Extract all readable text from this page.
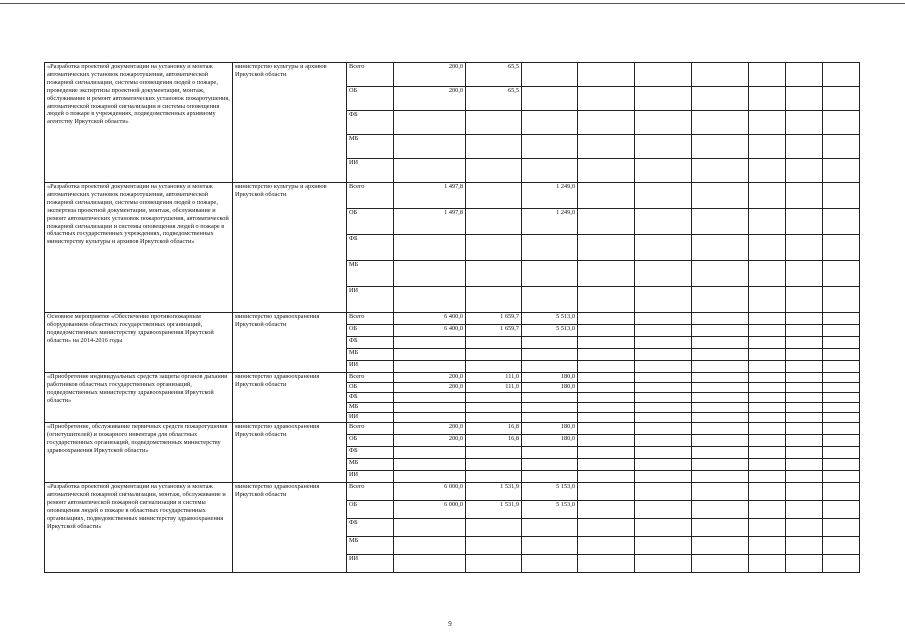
«Разработка проектной документации на установку и монтаж автоматических установок пожаротушения, автоматической пожарной сигнализации, системы оповещения людей о пожаре, проведение экспертизы проектной документации, монтаж, обслуживание и ремонт автоматических установок пожаротушения, автоматической пожарной сигнализации и системы оповещения людей о пожаре в учреждениях, подведомственных архивному агентству Иркутской области»	министерство культуры и архивов Иркутской области	Всего	200,0	65,5							
		ОБ	200,0	65,5							
		ФБ									
		МБ									
		ИИ									
«Разработка проектной документации на установку и монтаж автоматических установок пожаротушения, автоматической пожарной сигнализации, системы оповещения людей о пожаре, экспертиза проектной документации, монтаж, обслуживание и ремонт автоматических установок пожаротушения, автоматической пожарной сигнализации и системы оповещения людей о пожаре в областных государственных учреждениях, подведомственных министерству культуры и архивов Иркутской области»	министерство культуры и архивов Иркутской области	Всего	1 497,8		1 249,0						
		ОБ	1 497,8		1 249,0						
		ФБ									
		МБ									
		ИИ									
Основное мероприятие «Обеспечение противопожарным оборудованием областных государственных организаций, подведомственных министерству здравоохранения Иркутской области» на 2014-2016 годы	министерство здравоохранения Иркутской области	Всего	6 400,0	1 659,7	5 513,0						
		ОБ	6 400,0	1 659,7	5 513,0						
		ФБ									
		МБ									
		ИИ									
«Приобретение индивидуальных средств защиты органов дыхания работников областных государственных организаций, подведомственных министерству здравоохранения Иркутской области»	министерство здравоохранения Иркутской области	Всего	200,0	111,0	180,0						
		ОБ	200,0	111,0	180,0						
		ФБ									
		МБ									
		ИИ									
«Приобретение, обслуживание первичных средств пожаротушения (огнетушителей) и пожарного инвентаря для областных государственных организаций, подведомственных министерству здравоохранения Иркутской области»	министерство здравоохранения Иркутской области	Всего	200,0	16,8	180,0						
		ОБ	200,0	16,8	180,0						
		ФБ									
		МБ									
		ИИ									
«Разработка проектной документации на установку и монтаж автоматической пожарной сигнализации, монтаж, обслуживание и ремонт автоматической пожарной сигнализации и системы оповещения людей о пожаре в областных государственных организациях, подведомственных министерству здравоохранения Иркутской области»	министерство здравоохранения Иркутской области	Всего	6 000,0	1 531,9	5 153,0						
		ОБ	6 000,0	1 531,9	5 153,0						
		ФБ									
		МБ									
		ИИ									
9
